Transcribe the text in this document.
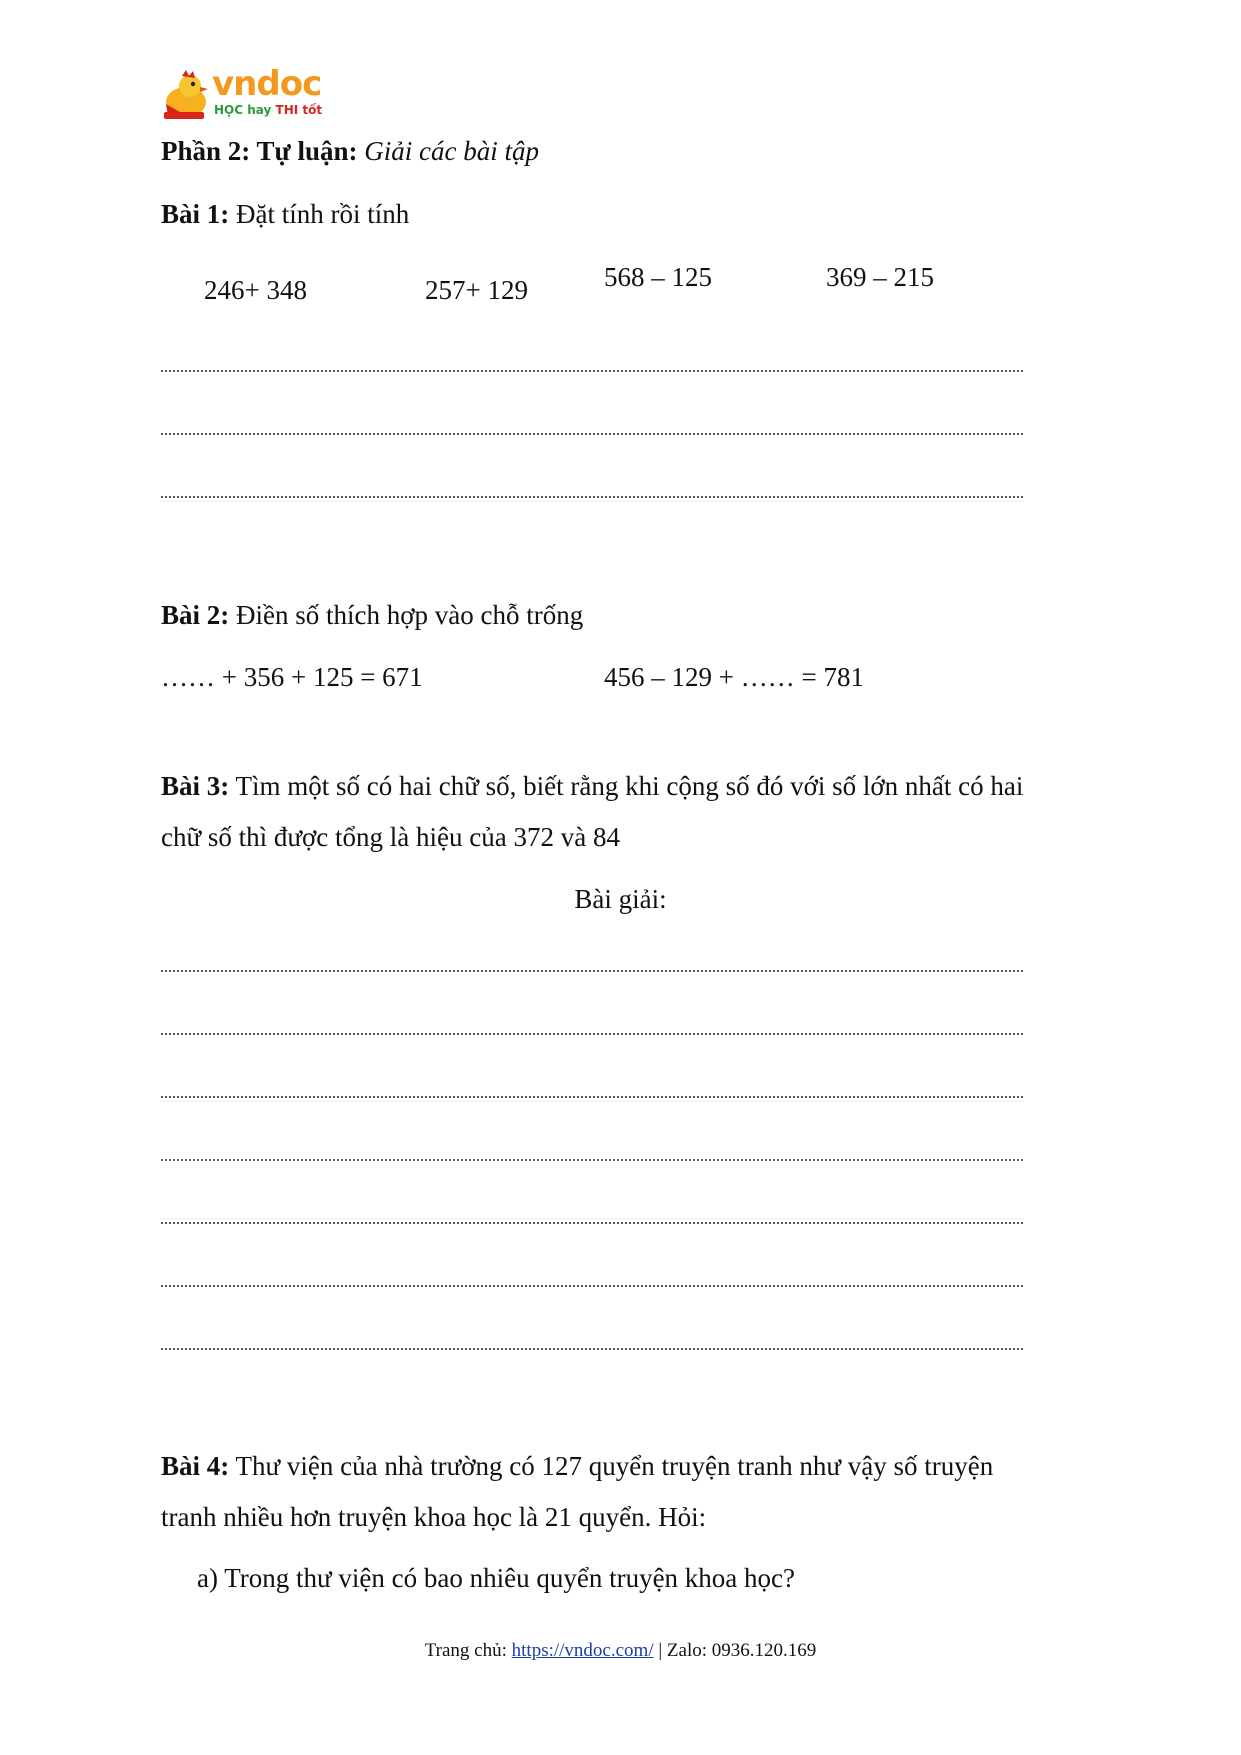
vndoc
HỌC hay THI tốt
Phần 2: Tự luận: Giải các bài tập
Bài 1: Đặt tính rồi tính
246+ 348	257+ 129	568 – 125	369 – 215
Bài 2: Điền số thích hợp vào chỗ trống
…… + 356 + 125 = 671	456 – 129 + …… = 781
Bài 3: Tìm một số có hai chữ số, biết rằng khi cộng số đó với số lớn nhất có hai
chữ số thì được tổng là hiệu của 372 và 84
Bài giải:
Bài 4: Thư viện của nhà trường có 127 quyển truyện tranh như vậy số truyện
tranh nhiều hơn truyện khoa học là 21 quyển. Hỏi:
a) Trong thư viện có bao nhiêu quyển truyện khoa học?
Trang chủ: https://vndoc.com/ | Zalo: 0936.120.169
